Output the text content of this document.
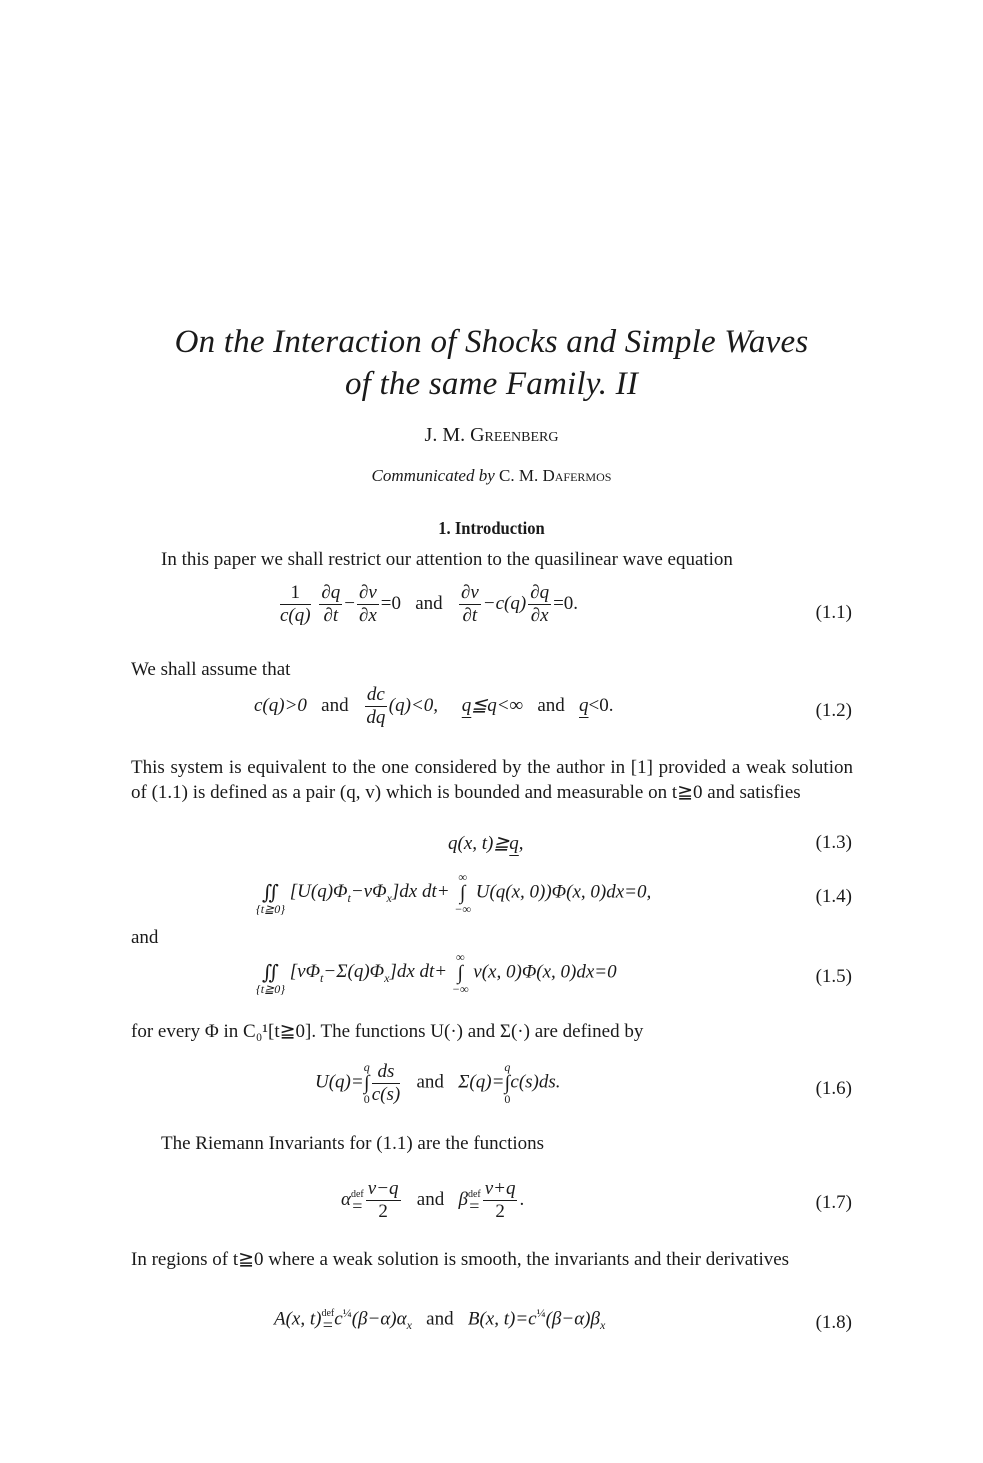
On the Interaction of Shocks and Simple Waves
of the same Family. II
J. M. Greenberg
Communicated by C. M. Dafermos
1. Introduction
In this paper we shall restrict our attention to the quasilinear wave equation
$\frac{1}{c(q)}$
$\frac{\partial q}{\partial t} - \frac{\partial v}{\partial x} =0$ and $\frac{\partial v}{\partial t} -c(q) \frac{\partial q}{\partial x} =0$.	(1.1)
We shall assume that
c(q)>0 and $\frac{dc}{dq} (q)<0$, q≦q<∞ and q<0.	(1.2)
This system is equivalent to the one considered by the author in [1] provided a weak solution of (1.1) is defined as a pair (q, v) which is bounded and measurable on t≧0 and satisfies
q(x, t)≧q,	(1.3)

∬
{t≧0}
$[U(q)\Phi_t-v\Phi_x]dx$ dt+
∞
∫
−∞
U(q(x, 0))Φ(x, 0)dx=0,	(1.4)
and

∬
{t≧0}
$[v\Phi_t-\Sigma(q)\Phi_x]dx$ dt+
∞
∫
−∞
v(x, 0)Φ(x, 0)dx=0	(1.5)
for every Φ in C₀¹[t≧0]. The functions U(·) and Σ(·) are defined by
U(q)=
q
∫
$0 \frac{ds}{c(s)}$ and Σ(q)=
q
∫
0
c(s)ds.	(1.6)
The Riemann Invariants for (1.1) are the functions
α def
= $\frac{v-q}{2}$ and β def
= $\frac{v+q}{2}$ .	(1.7)
In regions of t≧0 where a weak solution is smooth, the invariants and their derivatives
A(x, t) def
= $c^{\frac{1}{4}}(\beta-\alpha)\alpha_x$ and B(x, $t)=c^{\frac{1}{4}}(\beta-\alpha)\beta_x$	(1.8)
